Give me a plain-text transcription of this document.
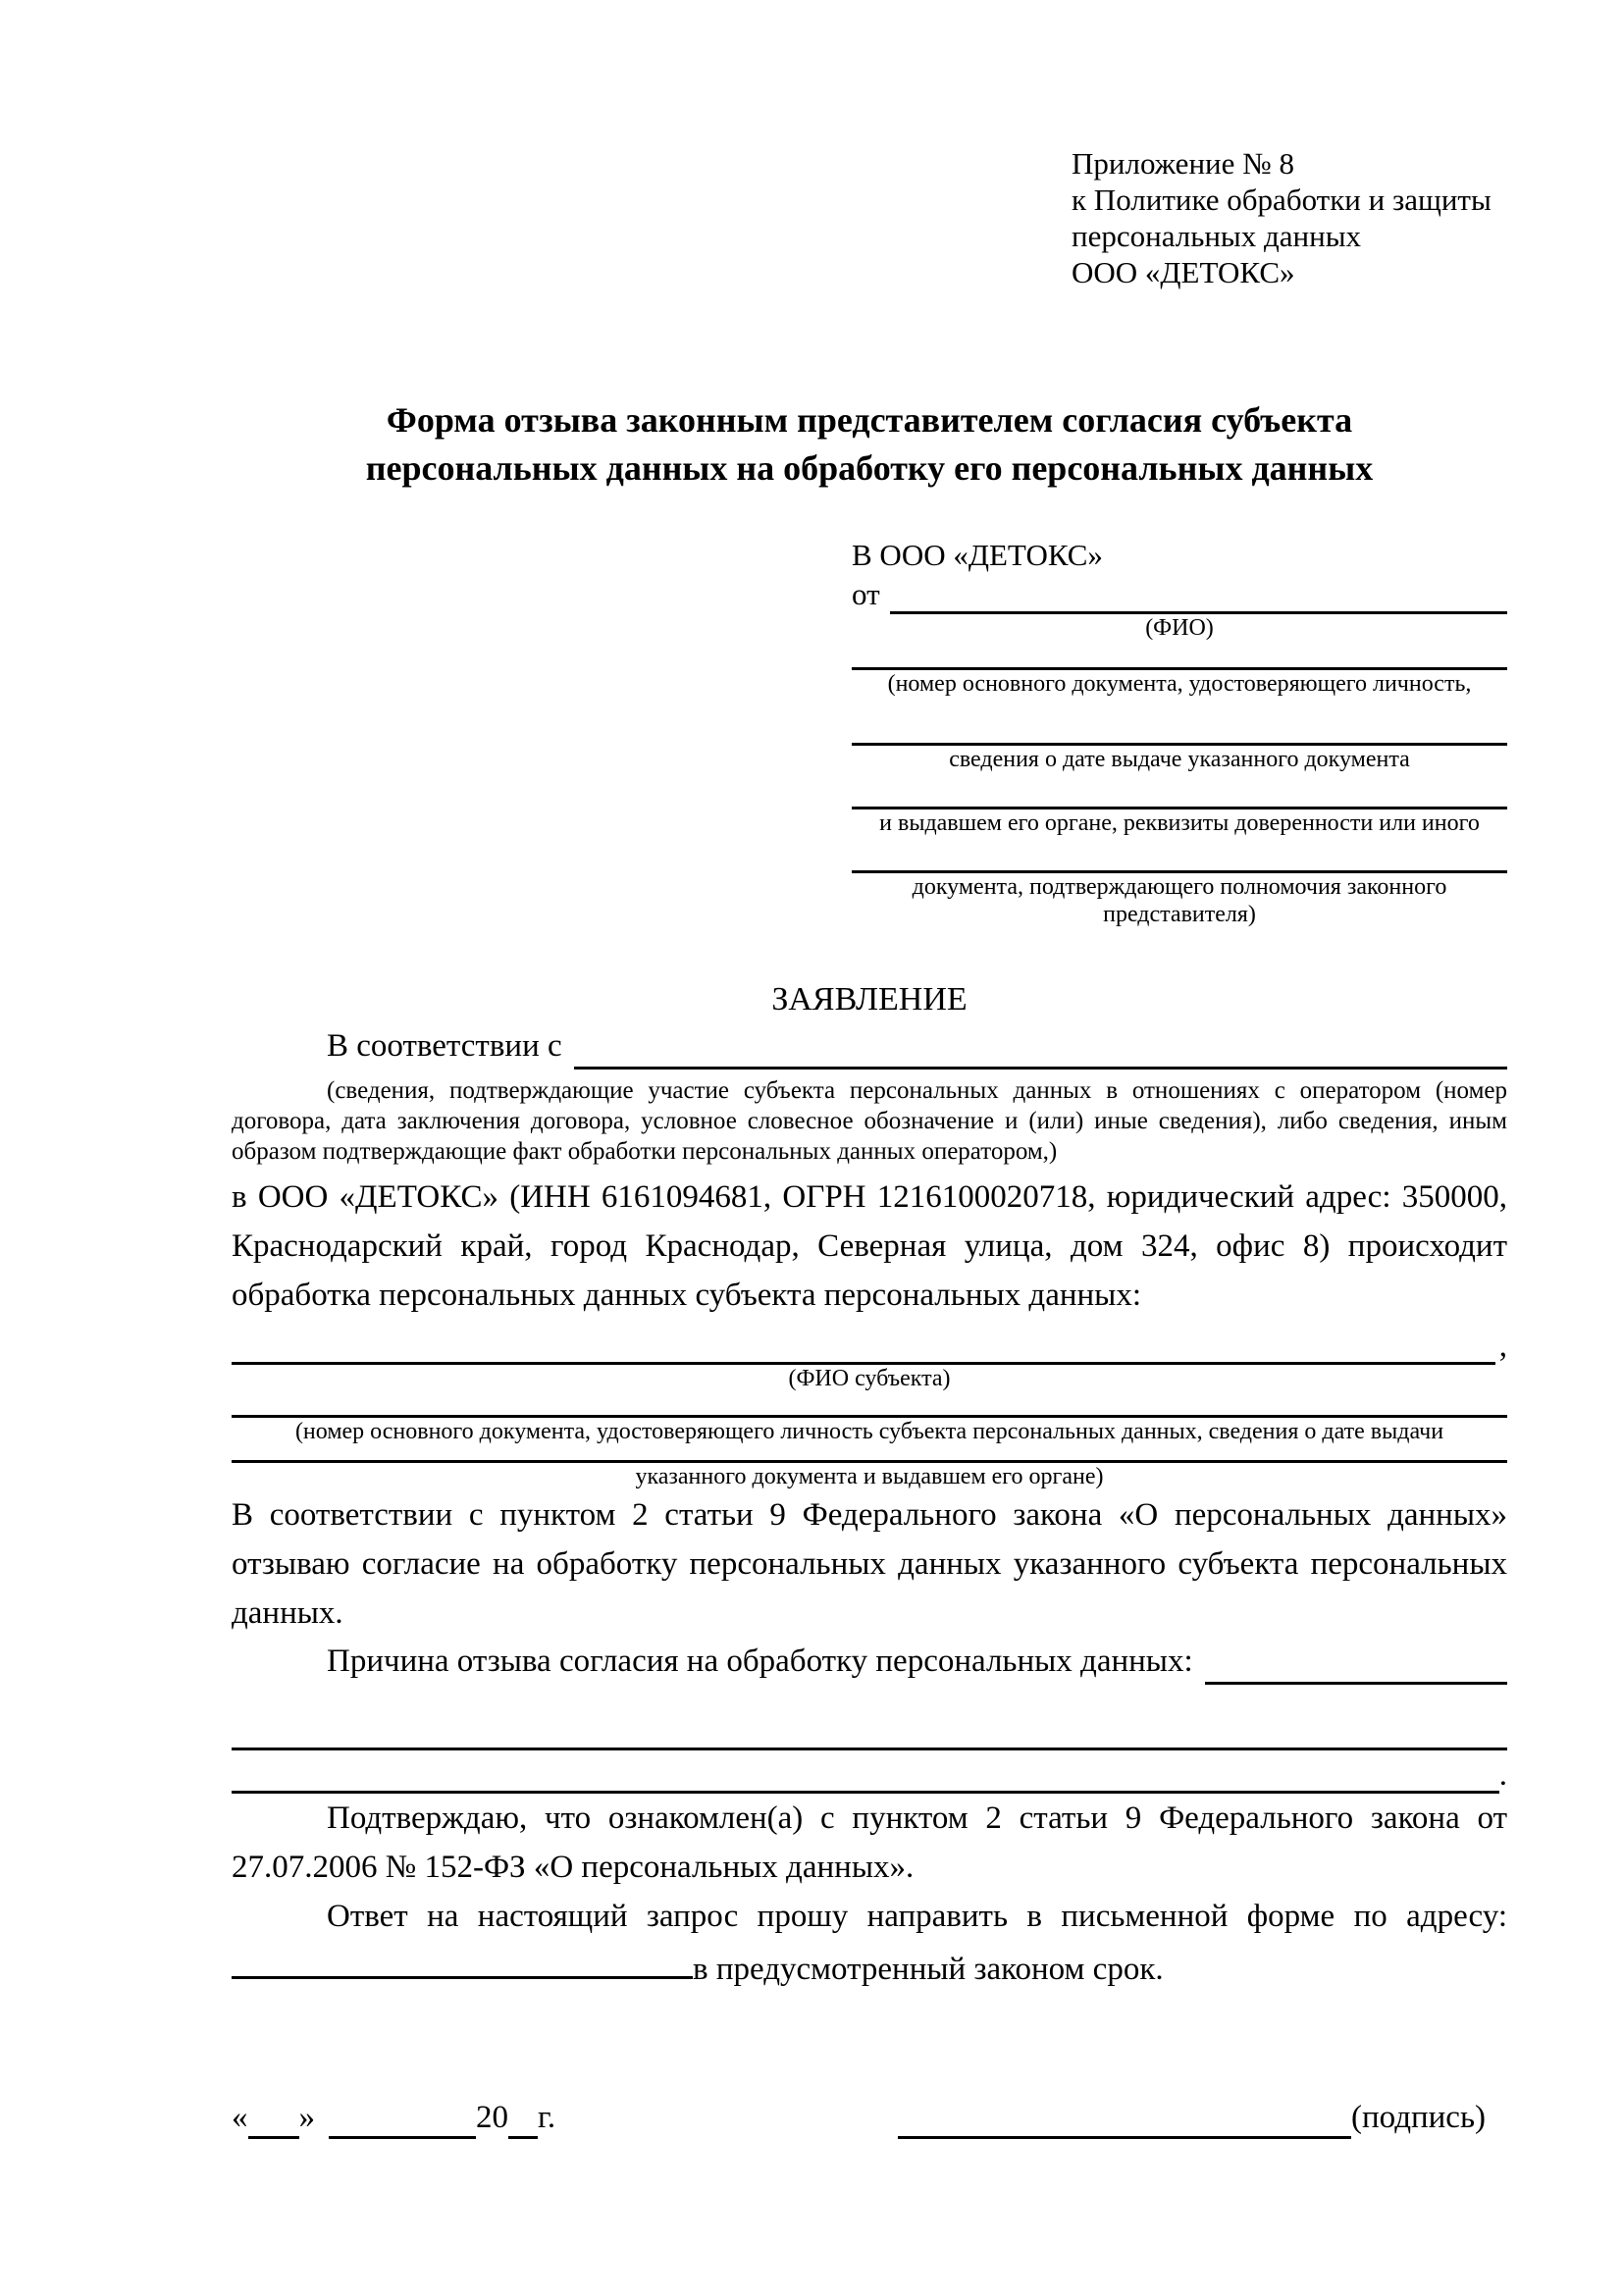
Приложение № 8
к Политике обработки и защиты
персональных данных
ООО «ДЕТОКС»
Форма отзыва законным представителем согласия субъекта
персональных данных на обработку его персональных данных
В ООО «ДЕТОКС»
от
(ФИО)
(номер основного документа, удостоверяющего личность,
сведения о дате выдаче указанного документа
и выдавшем его органе, реквизиты доверенности или иного
документа, подтверждающего полномочия законного представителя)
ЗАЯВЛЕНИЕ
В соответствии с
(сведения, подтверждающие участие субъекта персональных данных в отношениях с оператором (номер договора, дата заключения договора, условное словесное обозначение и (или) иные сведения), либо сведения, иным образом подтверждающие факт обработки персональных данных оператором,)
в ООО «ДЕТОКС» (ИНН 6161094681, ОГРН 1216100020718, юридический адрес: 350000, Краснодарский край, город Краснодар, Северная улица, дом 324, офис 8) происходит обработка персональных данных субъекта персональных данных:
,
(ФИО субъекта)
(номер основного документа, удостоверяющего личность субъекта персональных данных, сведения о дате выдачи
указанного документа и выдавшем его органе)
В соответствии с пунктом 2 статьи 9 Федерального закона «О персональных данных» отзываю согласие на обработку персональных данных указанного субъекта персональных данных.
Причина отзыва согласия на обработку персональных данных:
.
Подтверждаю, что ознакомлен(а) с пунктом 2 статьи 9 Федерального закона от 27.07.2006 № 152-ФЗ «О персональных данных».
Ответ на настоящий запрос прошу направить в письменной форме по адресу: в предусмотренный законом срок.
« »	20 г.	(подпись)
